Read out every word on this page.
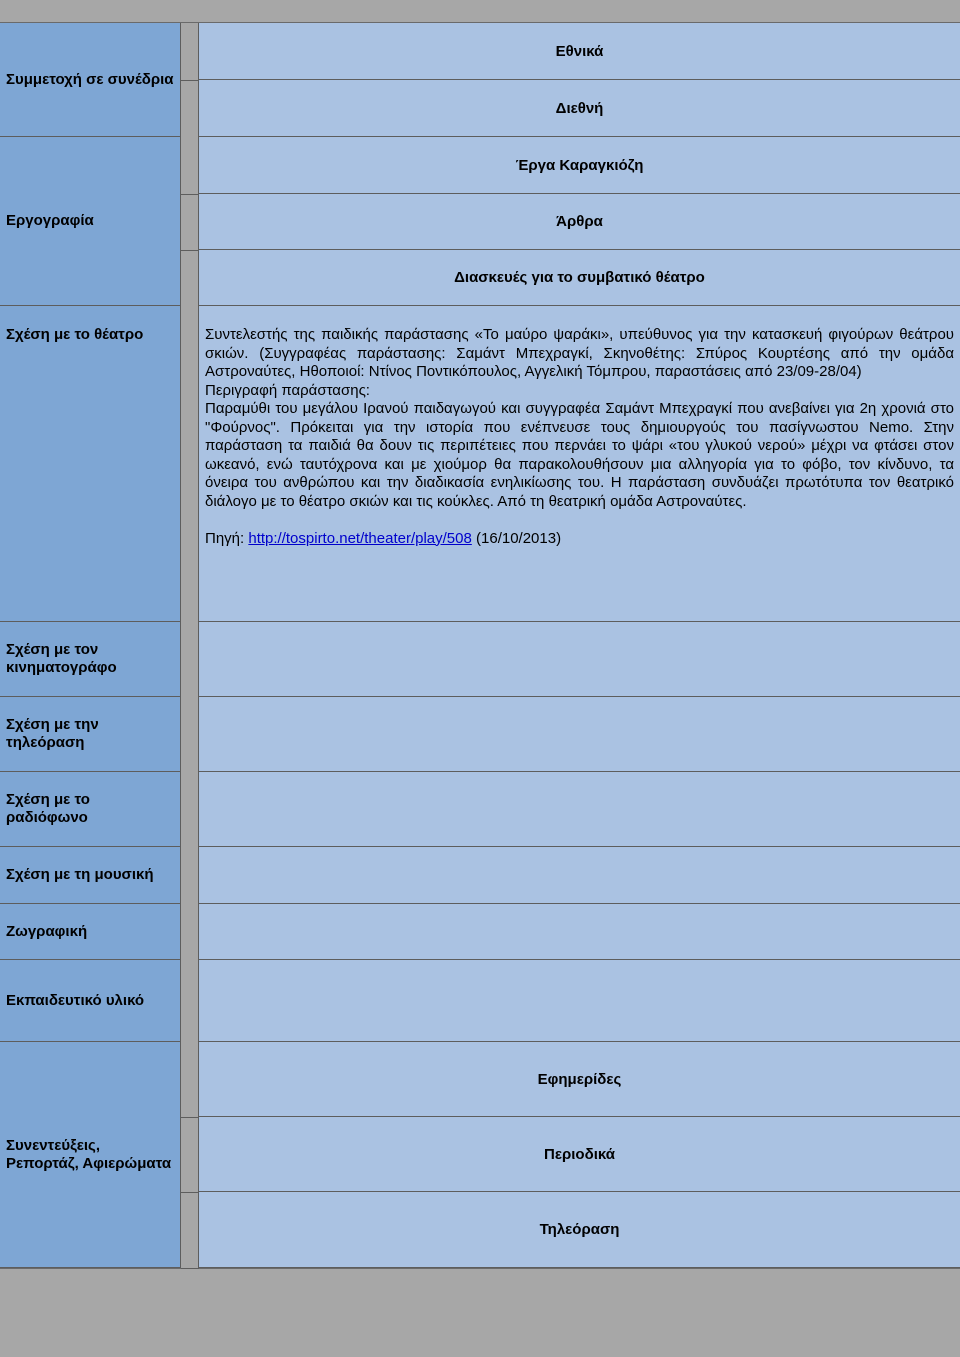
Συμμετοχή σε συνέδρια
Εθνικά
Διεθνή
Εργογραφία
Έργα Καραγκιόζη
Άρθρα
Διασκευές για το συμβατικό θέατρο
Σχέση με το θέατρο	Συντελεστής της παιδικής παράστασης «Το μαύρο ψαράκι», υπεύθυνος για την κατασκευή φιγούρων θεάτρου σκιών. (Συγγραφέας παράστασης: Σαμάντ Μπεχραγκί, Σκηνοθέτης: Σπύρος Κουρτέσης από την ομάδα Αστροναύτες, Ηθοποιοί: Ντίνος Ποντικόπουλος, Αγγελική Τόμπρου, παραστάσεις από 23/09-28/04)

Περιγραφή παράστασης:

Παραμύθι του μεγάλου Ιρανού παιδαγωγού και συγγραφέα Σαμάντ Μπεχραγκί που ανεβαίνει για 2η χρονιά στο "Φούρνος". Πρόκειται για την ιστορία που ενέπνευσε τους δημιουργούς του πασίγνωστου Nemo. Στην παράσταση τα παιδιά θα δουν τις περιπέτειες που περνάει το ψάρι «του γλυκού νερού» μέχρι να φτάσει στον ωκεανό, ενώ ταυτόχρονα και με χιούμορ θα παρακολουθήσουν μια αλληγορία για το φόβο, τον κίνδυνο, τα όνειρα του ανθρώπου και την διαδικασία ενηλικίωσης του. Η παράσταση συνδυάζει πρωτότυπα τον θεατρικό διάλογο με το θέατρο σκιών και τις κούκλες. Από τη θεατρική ομάδα Αστροναύτες.

Πηγή: http://tospirto.net/theater/play/508 (16/10/2013)

Σχέση με τον κινηματογράφο
Σχέση με την τηλεόραση
Σχέση με το ραδιόφωνο
Σχέση με τη μουσική
Ζωγραφική
Εκπαιδευτικό υλικό
Συνεντεύξεις, Ρεπορτάζ, Αφιερώματα
Εφημερίδες
Περιοδικά
Τηλεόραση
